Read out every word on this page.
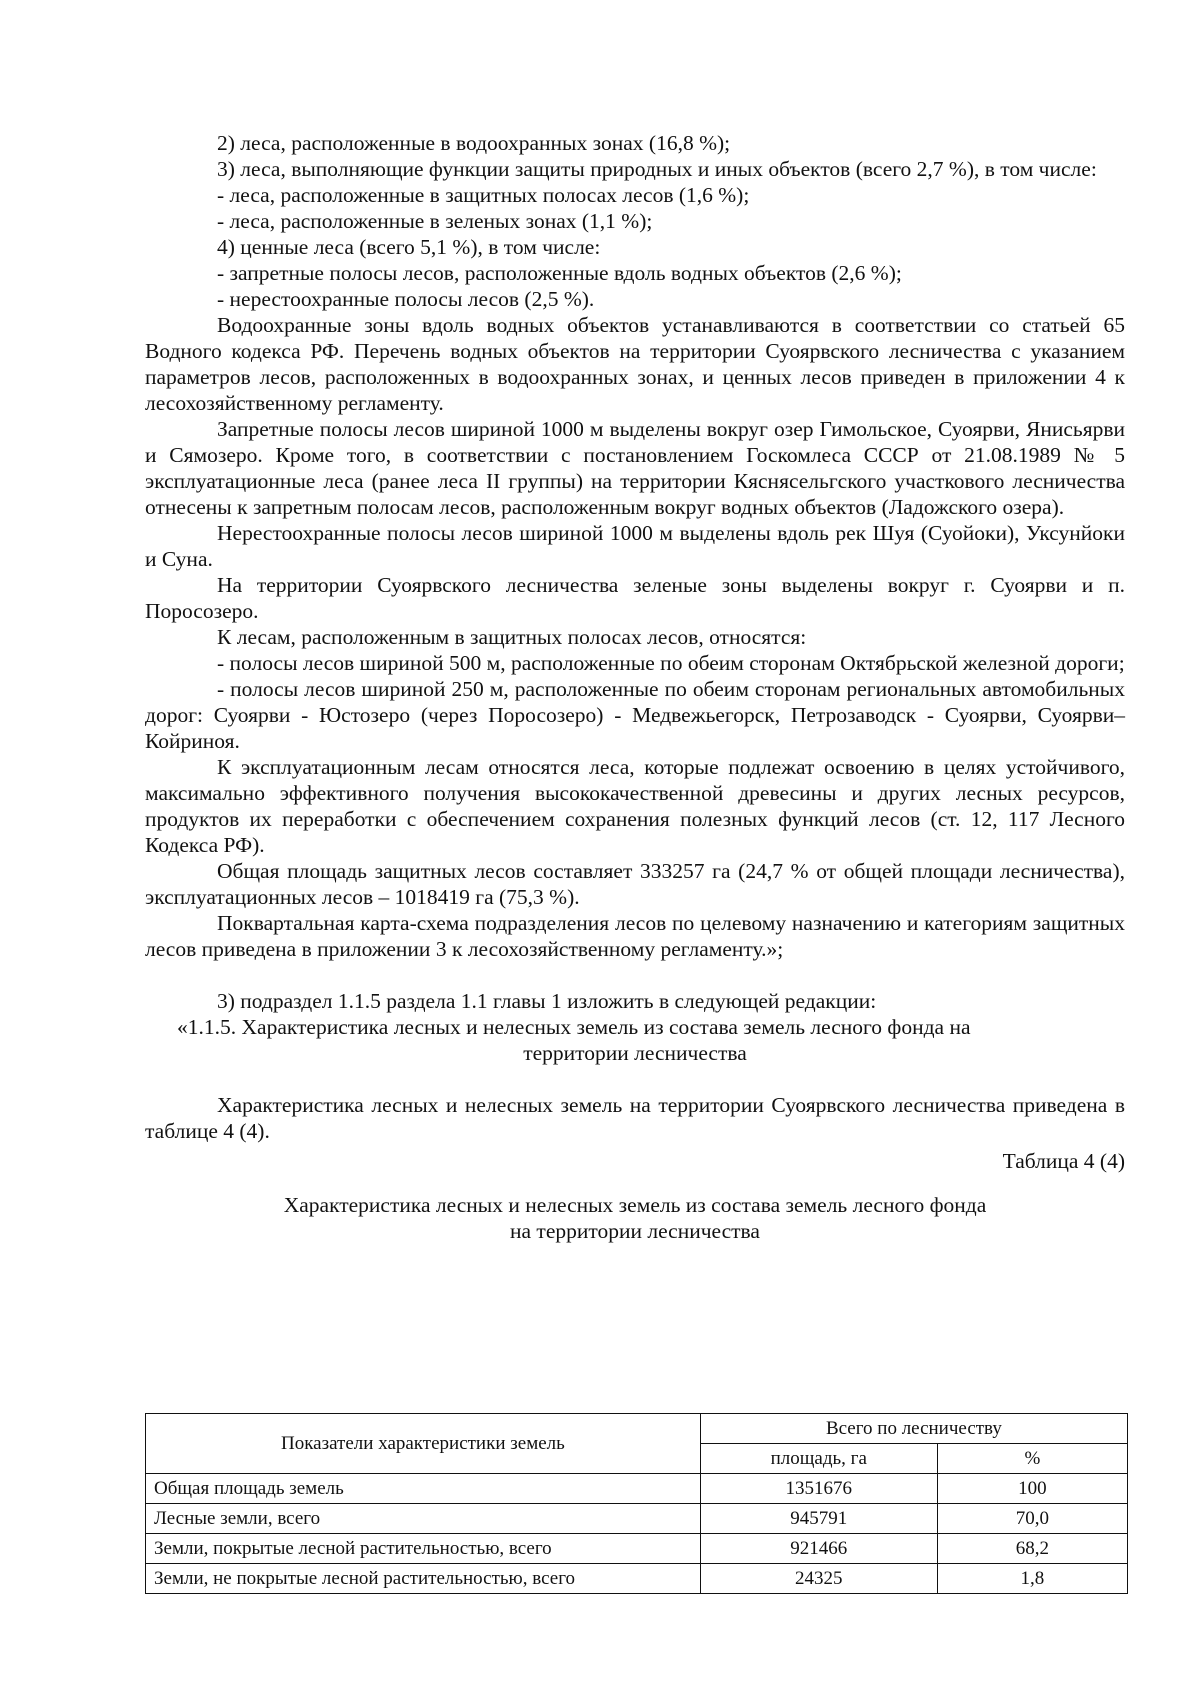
2) леса, расположенные в водоохранных зонах (16,8 %);

3) леса, выполняющие функции защиты природных и иных объектов (всего 2,7 %), в том числе:

- леса, расположенные в защитных полосах лесов (1,6 %);

- леса, расположенные в зеленых зонах (1,1 %);

4) ценные леса (всего 5,1 %), в том числе:

- запретные полосы лесов, расположенные вдоль водных объектов (2,6 %);

- нерестоохранные полосы лесов (2,5 %).

Водоохранные зоны вдоль водных объектов устанавливаются в соответствии со статьей 65 Водного кодекса РФ. Перечень водных объектов на территории Суоярвского лесничества с указанием параметров лесов, расположенных в водоохранных зонах, и ценных лесов приведен в приложении 4 к лесохозяйственному регламенту.

Запретные полосы лесов шириной 1000 м выделены вокруг озер Гимольское, Суоярви, Янисьярви и Сямозеро. Кроме того, в соответствии с постановлением Госкомлеса СССР от 21.08.1989 № 5 эксплуатационные леса (ранее леса II группы) на территории Кяснясельгского участкового лесничества отнесены к запретным полосам лесов, расположенным вокруг водных объектов (Ладожского озера).

Нерестоохранные полосы лесов шириной 1000 м выделены вдоль рек Шуя (Суойоки), Уксунйоки и Суна.

На территории Суоярвского лесничества зеленые зоны выделены вокруг г. Суоярви и п. Поросозеро.

К лесам, расположенным в защитных полосах лесов, относятся:

- полосы лесов шириной 500 м, расположенные по обеим сторонам Октябрьской железной дороги;

- полосы лесов шириной 250 м, расположенные по обеим сторонам региональных автомобильных дорог: Суоярви - Юстозеро (через Поросозеро) - Медвежьегорск, Петрозаводск - Суоярви, Суоярви–Койриноя.

К эксплуатационным лесам относятся леса, которые подлежат освоению в целях устойчивого, максимально эффективного получения высококачественной древесины и других лесных ресурсов, продуктов их переработки с обеспечением сохранения полезных функций лесов (ст. 12, 117 Лесного Кодекса РФ).

Общая площадь защитных лесов составляет 333257 га (24,7 % от общей площади лесничества), эксплуатационных лесов – 1018419 га (75,3 %).

Поквартальная карта-схема подразделения лесов по целевому назначению и категориям защитных лесов приведена в приложении 3 к лесохозяйственному регламенту.»;

3) подраздел 1.1.5 раздела 1.1 главы 1 изложить в следующей редакции:

«1.1.5. Характеристика лесных и нелесных земель из состава земель лесного фонда на

территории лесничества

Характеристика лесных и нелесных земель на территории Суоярвского лесничества приведена в таблице 4 (4).

Таблица 4 (4)

Характеристика лесных и нелесных земель из состава земель лесного фонда

на территории лесничества

Показатели характеристики земель	Всего по лесничеству	
	площадь, га	%
Общая площадь земель	1351676	100
Лесные земли, всего	945791	70,0
Земли, покрытые лесной растительностью, всего	921466	68,2
Земли, не покрытые лесной растительностью, всего	24325	1,8
